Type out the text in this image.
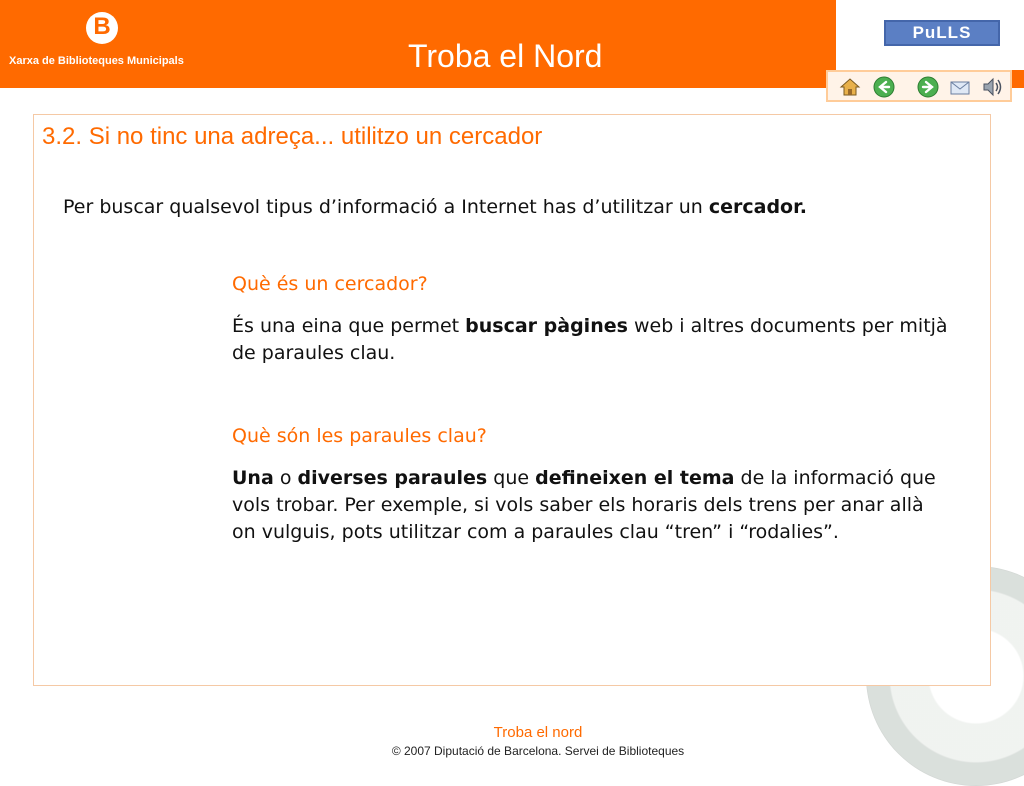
B
Xarxa de Biblioteques Municipals	Troba el Nord
PuLLS
3.2. Si no tinc una adreça... utilitzo un cercador
Per buscar qualsevol tipus d’informació a Internet has d’utilitzar un cercador.
Què és un cercador?
És una eina que permet buscar pàgines web i altres documents per mitjà de paraules clau.
Què són les paraules clau?
Una o diverses paraules que defineixen el tema de la informació que vols trobar. Per exemple, si vols saber els horaris dels trens per anar allà on vulguis, pots utilitzar com a paraules clau “tren” i “rodalies”.
Troba el nord
© 2007 Diputació de Barcelona. Servei de Biblioteques
